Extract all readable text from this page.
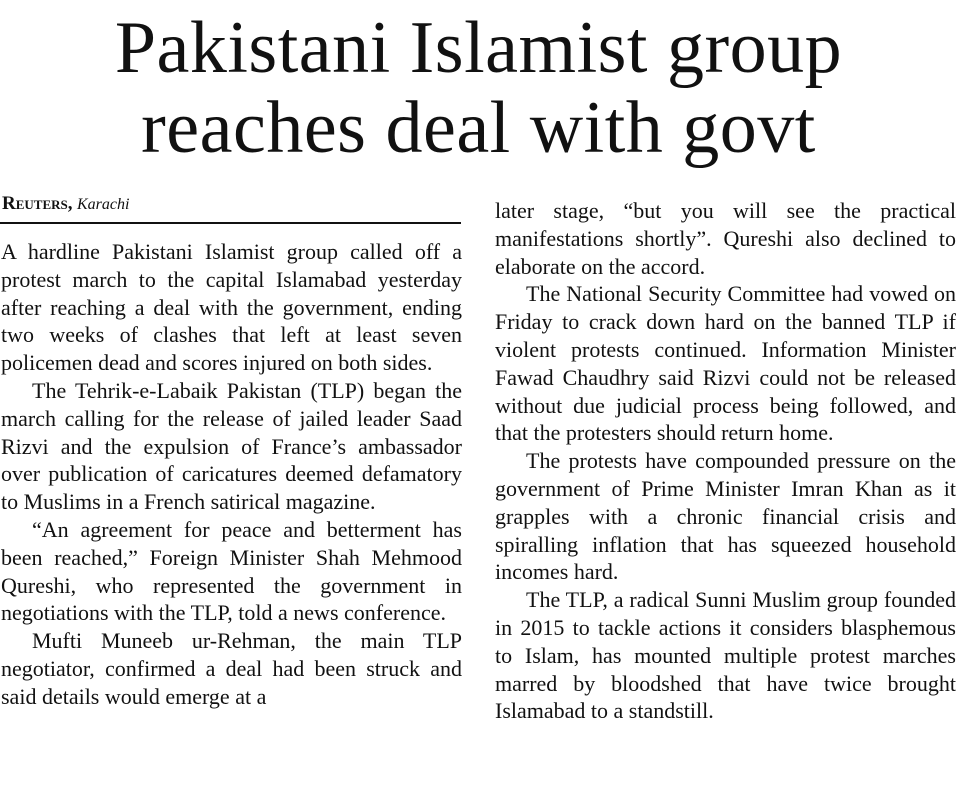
Pakistani Islamist group
reaches deal with govt
Reuters, Karachi

A hardline Pakistani Islamist group called off a protest march to the capital Islamabad yesterday after reaching a deal with the government, ending two weeks of clashes that left at least seven policemen dead and scores injured on both sides.

The Tehrik-e-Labaik Pakistan (TLP) began the march calling for the release of jailed leader Saad Rizvi and the expulsion of France’s ambassador over publication of caricatures deemed defamatory to Muslims in a French satirical magazine.

“An agreement for peace and betterment has been reached,” Foreign Minister Shah Mehmood Qureshi, who represented the government in negotiations with the TLP, told a news conference.

Mufti Muneeb ur-Rehman, the main TLP negotiator, confirmed a deal had been struck and said details would emerge at a

later stage, “but you will see the practical manifestations shortly”. Qureshi also declined to elaborate on the accord.

The National Security Committee had vowed on Friday to crack down hard on the banned TLP if violent protests continued. Information Minister Fawad Chaudhry said Rizvi could not be released without due judicial process being followed, and that the protesters should return home.

The protests have compounded pressure on the government of Prime Minister Imran Khan as it grapples with a chronic financial crisis and spiralling inflation that has squeezed household incomes hard.

The TLP, a radical Sunni Muslim group founded in 2015 to tackle actions it considers blasphemous to Islam, has mounted multiple protest marches marred by bloodshed that have twice brought Islamabad to a standstill.
